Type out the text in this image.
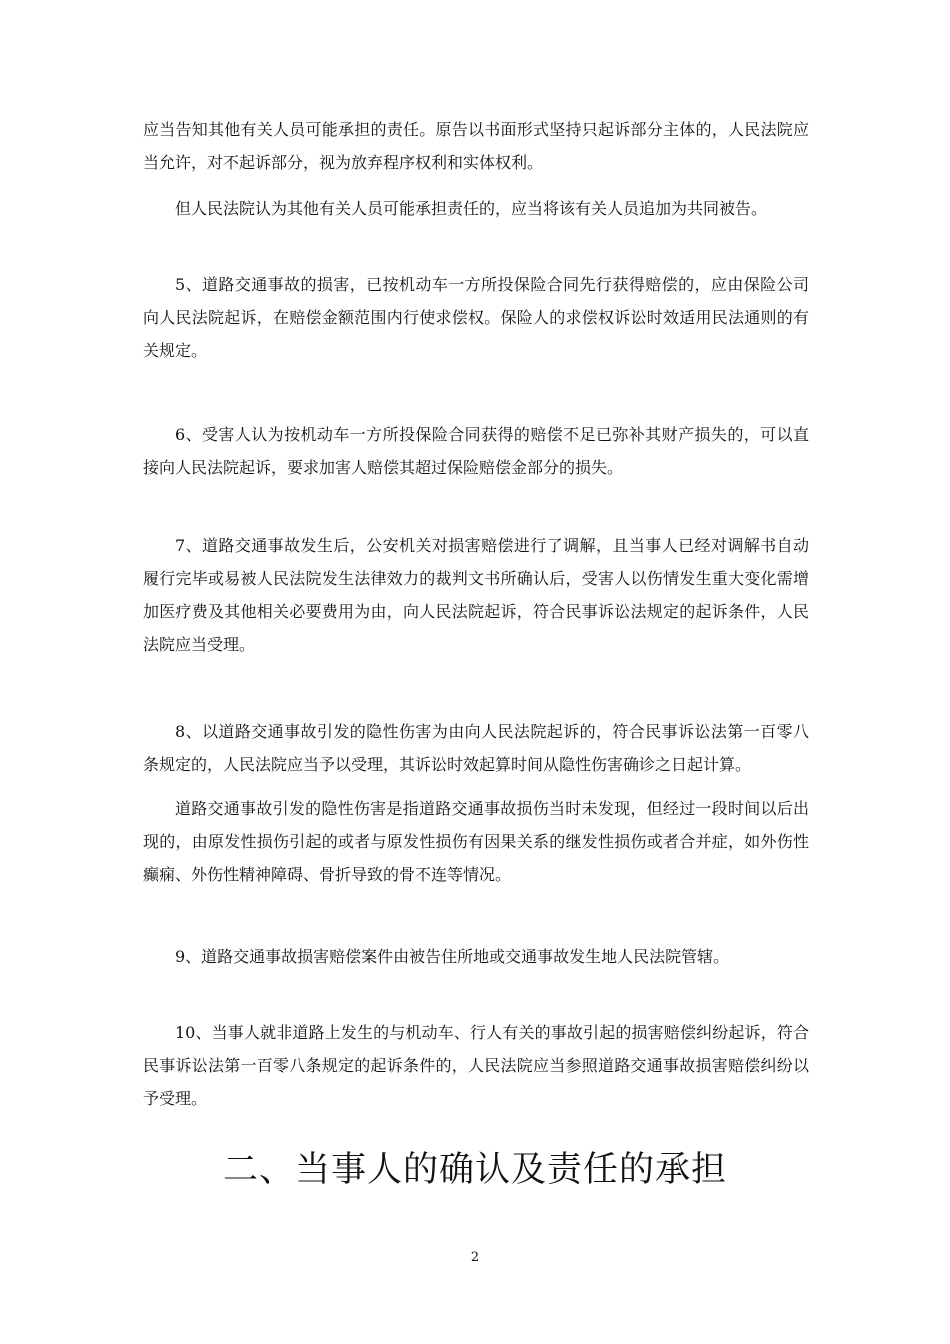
应当告知其他有关人员可能承担的责任。原告以书面形式坚持只起诉部分主体的，人民法院应当允许，对不起诉部分，视为放弃程序权利和实体权利。

但人民法院认为其他有关人员可能承担责任的，应当将该有关人员追加为共同被告。

5、道路交通事故的损害，已按机动车一方所投保险合同先行获得赔偿的，应由保险公司向人民法院起诉，在赔偿金额范围内行使求偿权。保险人的求偿权诉讼时效适用民法通则的有关规定。

6、受害人认为按机动车一方所投保险合同获得的赔偿不足已弥补其财产损失的，可以直接向人民法院起诉，要求加害人赔偿其超过保险赔偿金部分的损失。

7、道路交通事故发生后，公安机关对损害赔偿进行了调解，且当事人已经对调解书自动履行完毕或易被人民法院发生法律效力的裁判文书所确认后，受害人以伤情发生重大变化需增加医疗费及其他相关必要费用为由，向人民法院起诉，符合民事诉讼法规定的起诉条件，人民法院应当受理。

8、以道路交通事故引发的隐性伤害为由向人民法院起诉的，符合民事诉讼法第一百零八条规定的，人民法院应当予以受理，其诉讼时效起算时间从隐性伤害确诊之日起计算。

道路交通事故引发的隐性伤害是指道路交通事故损伤当时未发现，但经过一段时间以后出现的，由原发性损伤引起的或者与原发性损伤有因果关系的继发性损伤或者合并症，如外伤性癫痫、外伤性精神障碍、骨折导致的骨不连等情况。

9、道路交通事故损害赔偿案件由被告住所地或交通事故发生地人民法院管辖。

10、当事人就非道路上发生的与机动车、行人有关的事故引起的损害赔偿纠纷起诉，符合民事诉讼法第一百零八条规定的起诉条件的，人民法院应当参照道路交通事故损害赔偿纠纷以予受理。

二、当事人的确认及责任的承担
2
